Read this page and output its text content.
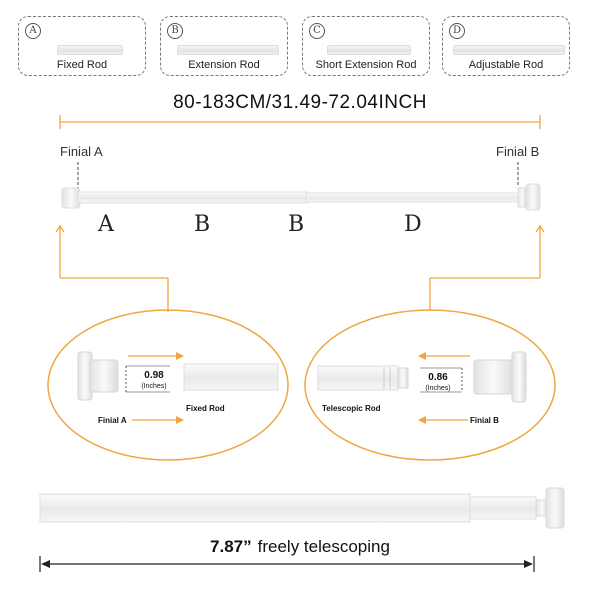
A
Fixed Rod
B
Extension Rod
C
Short Extension Rod
D
Adjustable Rod
80-183CM/31.49-72.04INCH
Finial A	Finial B
A	B	B	D
0.98
(Inches)
Fixed Rod
Finial A
0.86
(Inches)
Telescopic Rod
Finial B
7.87” freely telescoping
